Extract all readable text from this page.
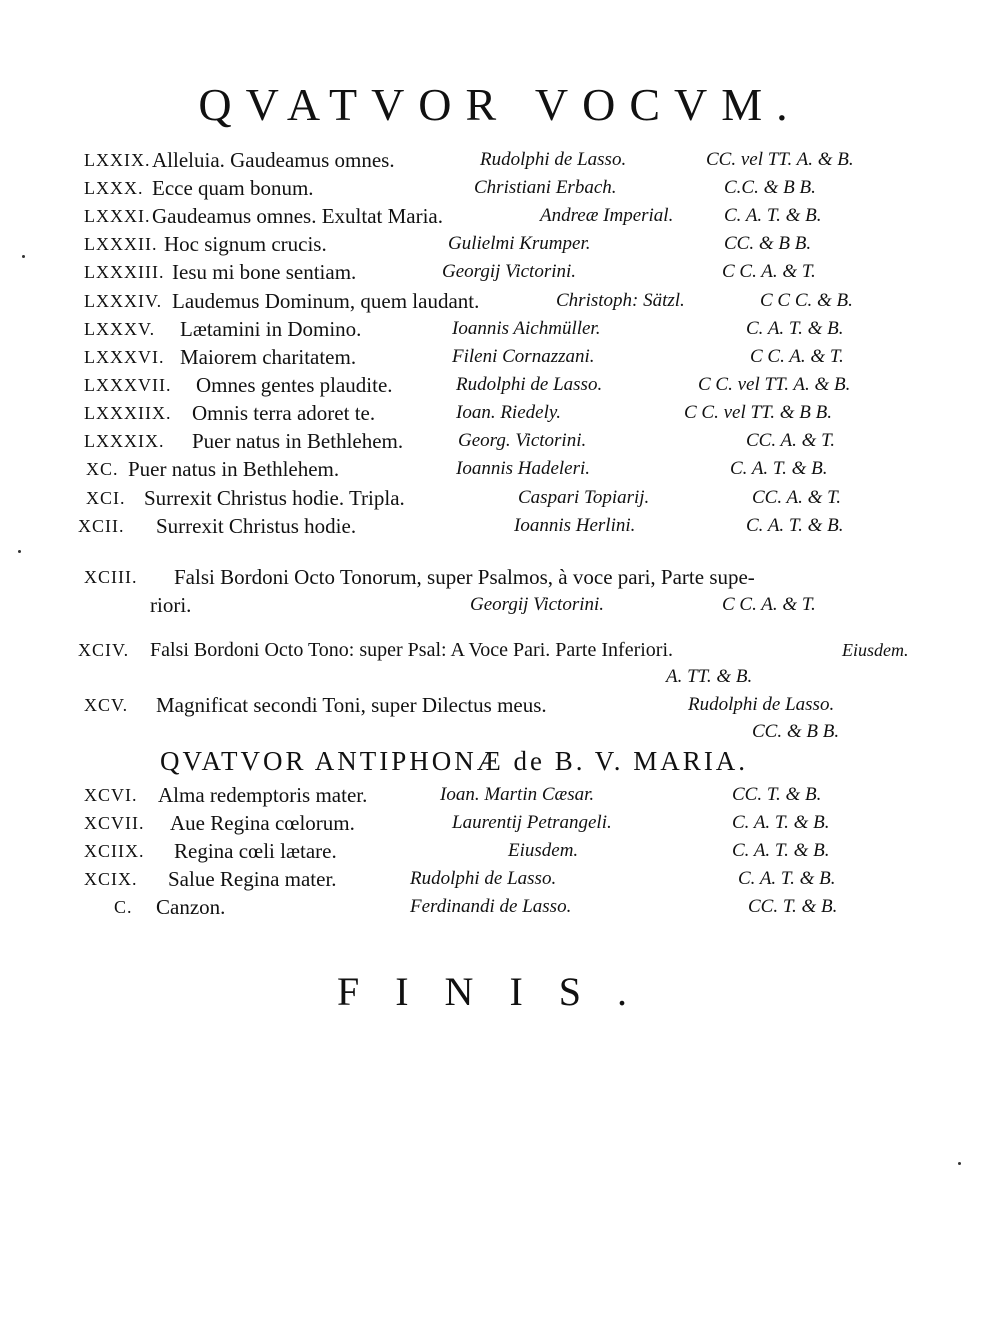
QVATVOR VOCVM.
LXXIX. Alleluia. Gaudeamus omnes.	Rudolphi de Lasso.	CC. vel TT. A. & B.
LXXX. Ecce quam bonum.	Christiani Erbach.	C.C. & B B.
LXXXI. Gaudeamus omnes. Exultat Maria.	Andreæ Imperial.	C. A. T. & B.
LXXXII. Hoc signum crucis.	Gulielmi Krumper.	CC. & B B.
LXXXIII. Iesu mi bone sentiam.	Georgij Victorini.	C C. A. & T.
LXXXIV. Laudemus Dominum, quem laudant.	Christoph: Sätzl.	C C C. & B.
LXXXV. Lætamini in Domino.	Ioannis Aichmüller.	C. A. T. & B.
LXXXVI. Maiorem charitatem.	Fileni Cornazzani.	C C. A. & T.
LXXXVII. Omnes gentes plaudite.	Rudolphi de Lasso.	C C. vel TT. A. & B.
LXXXIIX. Omnis terra adoret te.	Ioan. Riedely.	C C. vel TT. & B B.
LXXXIX. Puer natus in Bethlehem.	Georg. Victorini.	CC. A. & T.
XC. Puer natus in Bethlehem.	Ioannis Hadeleri.	C. A. T. & B.
XCI. Surrexit Christus hodie. Tripla.	Caspari Topiarij.	CC. A. & T.
XCII. Surrexit Christus hodie.	Ioannis Herlini.	C. A. T. & B.
XCIII. Falsi Bordoni Octo Tonorum, super Psalmos, à voce pari, Parte supe-
riori.	Georgij Victorini.	C C. A. & T.
XCIV. Falsi Bordoni Octo Tono: super Psal: A Voce Pari. Parte Inferiori.	Eiusdem.
A. TT. & B.
XCV. Magnificat secondi Toni, super Dilectus meus.	Rudolphi de Lasso.
CC. & B B.
QVATVOR ANTIPHONÆ de B. V. MARIA.
XCVI. Alma redemptoris mater.	Ioan. Martin Cæsar.	CC. T. & B.
XCVII. Aue Regina cœlorum.	Laurentij Petrangeli.	C. A. T. & B.
XCIIX. Regina cœli lætare.	Eiusdem.	C. A. T. & B.
XCIX. Salue Regina mater.	Rudolphi de Lasso.	C. A. T. & B.
C. Canzon.	Ferdinandi de Lasso.	CC. T. & B.
FINIS.
